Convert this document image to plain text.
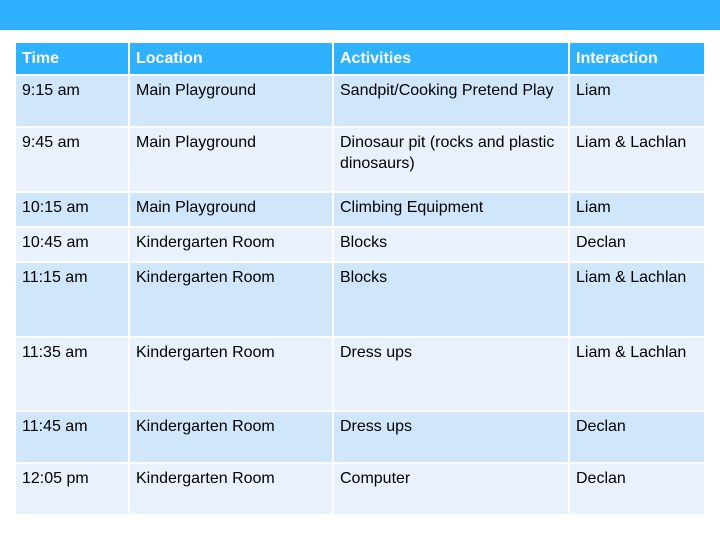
Time	Location	Activities	Interaction
9:15 am	Main Playground	Sandpit/Cooking Pretend Play	Liam
9:45 am	Main Playground	Dinosaur pit (rocks and plastic dinosaurs)	Liam & Lachlan
10:15 am	Main Playground	Climbing Equipment	Liam
10:45 am	Kindergarten Room	Blocks	Declan
11:15 am	Kindergarten Room	Blocks	Liam & Lachlan
11:35 am	Kindergarten Room	Dress ups	Liam & Lachlan
11:45 am	Kindergarten Room	Dress ups	Declan
12:05 pm	Kindergarten Room	Computer	Declan
